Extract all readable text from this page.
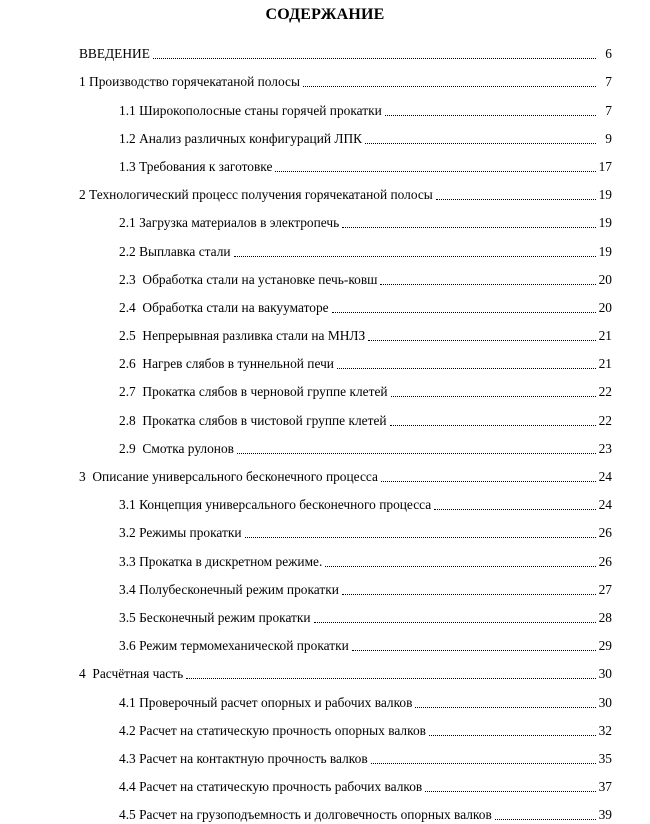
СОДЕРЖАНИЕ
ВВЕДЕНИЕ	6
1 Производство горячекатаной полосы	7
1.1 Широкополосные станы горячей прокатки	7
1.2 Анализ различных конфигураций ЛПК	9
1.3 Требования к заготовке	17
2 Технологический процесс получения горячекатаной полосы	19
2.1 Загрузка материалов в электропечь	19
2.2 Выплавка стали	19
2.3  Обработка стали на установке печь-ковш	20
2.4  Обработка стали на вакууматоре	20
2.5  Непрерывная разливка стали на МНЛЗ	21
2.6  Нагрев слябов в туннельной печи	21
2.7  Прокатка слябов в черновой группе клетей	22
2.8  Прокатка слябов в чистовой группе клетей	22
2.9  Смотка рулонов	23
3  Описание универсального бесконечного процесса	24
3.1 Концепция универсального бесконечного процесса	24
3.2 Режимы прокатки	26
3.3 Прокатка в дискретном режиме.	26
3.4 Полубесконечный режим прокатки	27
3.5 Бесконечный режим прокатки	28
3.6 Режим термомеханической прокатки	29
4  Расчётная часть	30
4.1 Проверочный расчет опорных и рабочих валков	30
4.2 Расчет на статическую прочность опорных валков	32
4.3 Расчет на контактную прочность валков	35
4.4 Расчет на статическую прочность рабочих валков	37
4.5 Расчет на грузоподъемность и долговечность опорных валков	39
